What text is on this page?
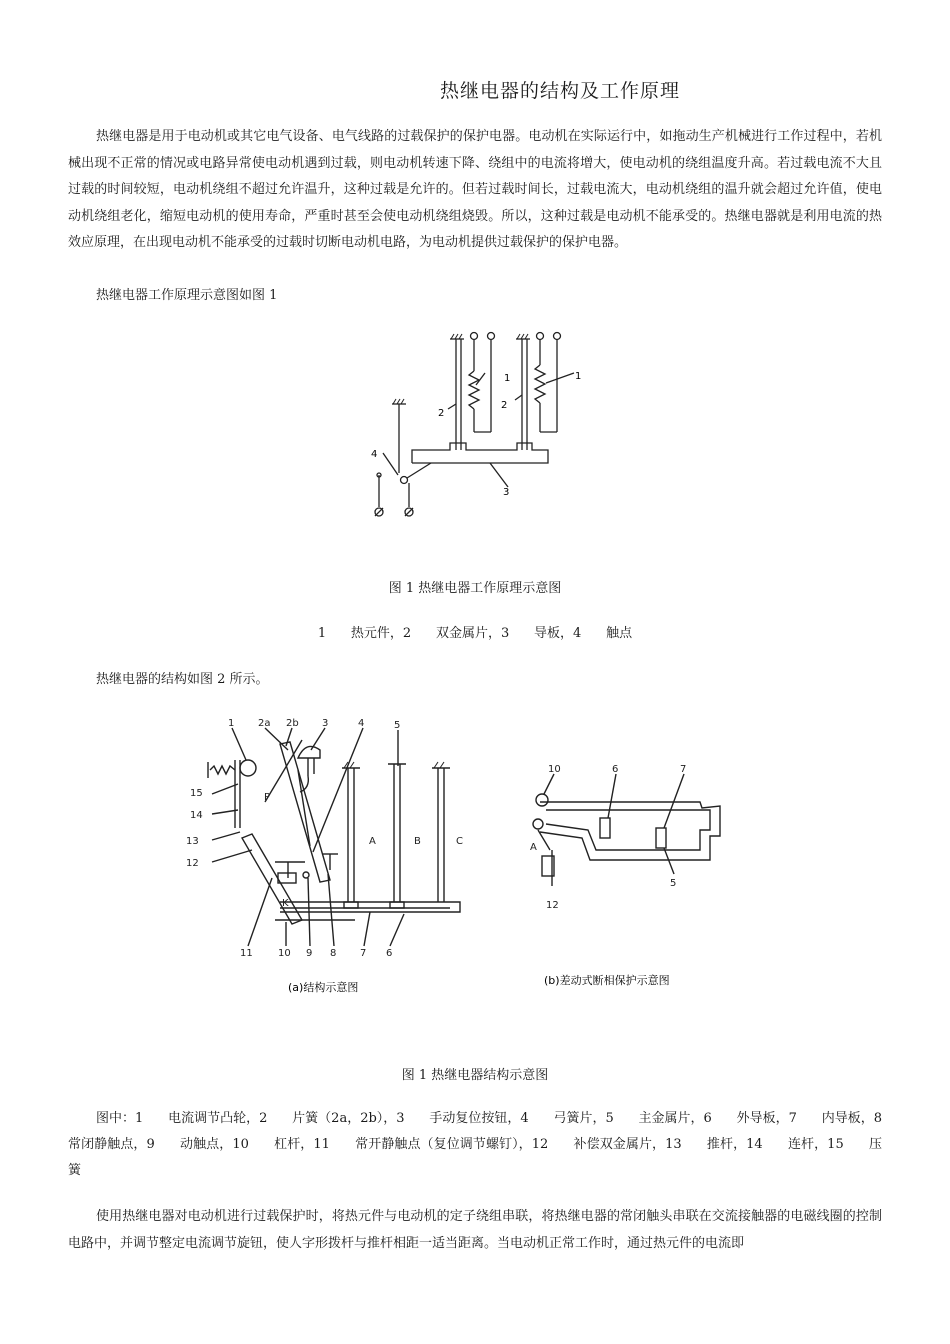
热继电器的结构及工作原理

热继电器是用于电动机或其它电气设备、电气线路的过载保护的保护电器。电动机在实际运行中，如拖动生产机械进行工作过程中，若机械出现不正常的情况或电路异常使电动机遇到过载，则电动机转速下降、绕组中的电流将增大，使电动机的绕组温度升高。若过载电流不大且过载的时间较短，电动机绕组不超过允许温升，这种过载是允许的。但若过载时间长，过载电流大，电动机绕组的温升就会超过允许值，使电动机绕组老化，缩短电动机的使用寿命，严重时甚至会使电动机绕组烧毁。所以，这种过载是电动机不能承受的。热继电器就是利用电流的热效应原理，在出现电动机不能承受的过载时切断电动机电路，为电动机提供过载保护的保护电器。

热继电器工作原理示意图如图 1

1	1
2
2
3
4
图 1 热继电器工作原理示意图
1      热元件，2      双金属片，3      导板，4      触点

热继电器的结构如图 2 所示。

1 2a 2b 3	4	5
15
14
13
12
11	10 9 8 7 6
P
K
A	B	C
(a)结构示意图
10	6	7
A
12
5
(b)差动式断相保护示意图
图 1 热继电器结构示意图

图中：1      电流调节凸轮，2      片簧（2a，2b），3      手动复位按钮，4      弓簧片，5      主金属片，6      外导板，7      内导板，8      常闭静触点，9      动触点，10      杠杆，11      常开静触点（复位调节螺钉），12      补偿双金属片，13      推杆，14      连杆，15      压簧

使用热继电器对电动机进行过载保护时，将热元件与电动机的定子绕组串联，将热继电器的常闭触头串联在交流接触器的电磁线圈的控制电路中，并调节整定电流调节旋钮，使人字形拨杆与推杆相距一适当距离。当电动机正常工作时，通过热元件的电流即
